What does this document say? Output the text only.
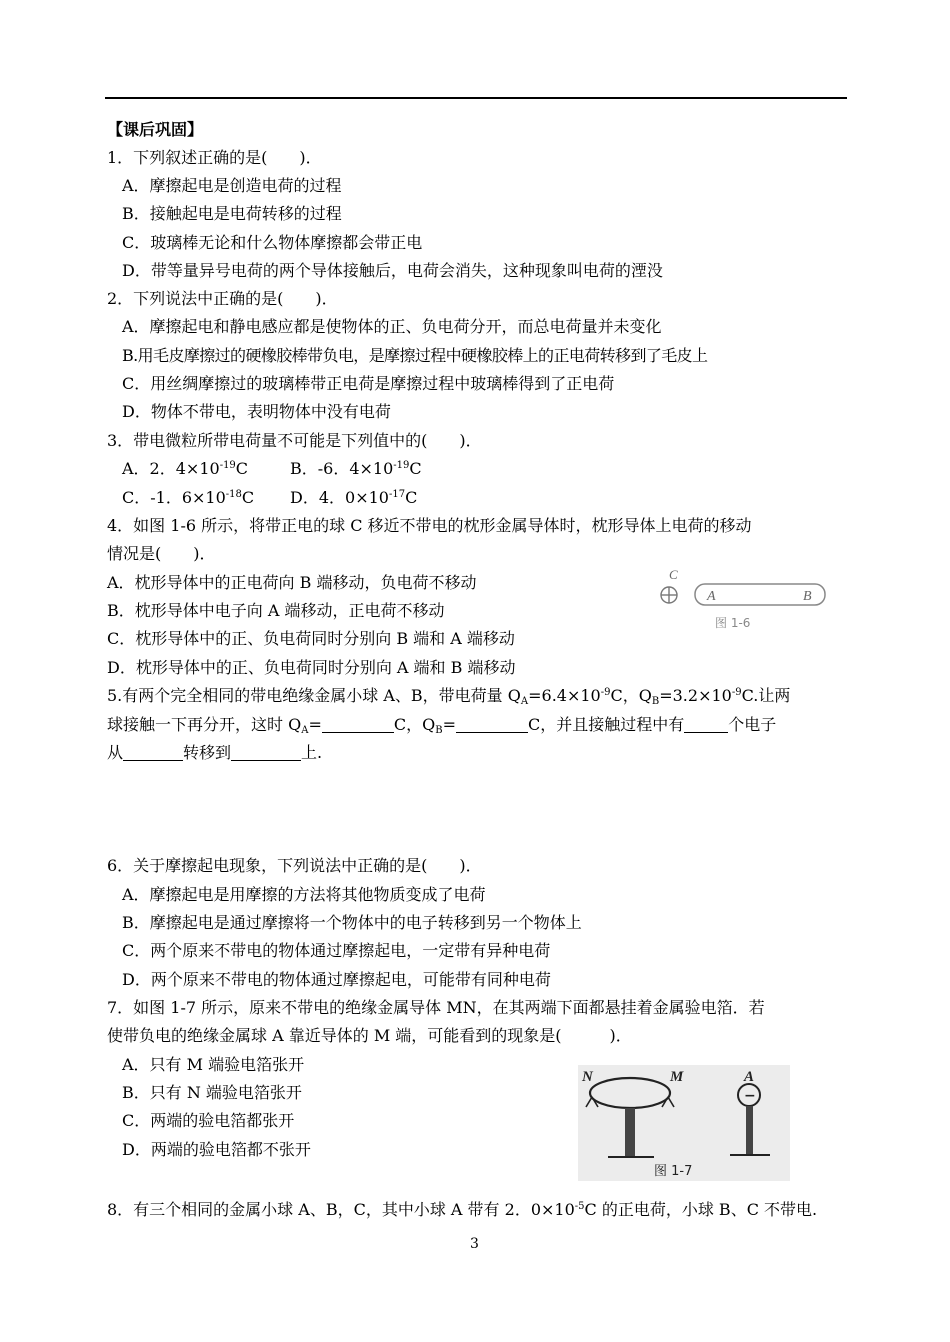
【课后巩固】
1．下列叙述正确的是(　　)．
A．摩擦起电是创造电荷的过程
B．接触起电是电荷转移的过程
C．玻璃棒无论和什么物体摩擦都会带正电
D．带等量异号电荷的两个导体接触后，电荷会消失，这种现象叫电荷的湮没
2．下列说法中正确的是(　　)．
A．摩擦起电和静电感应都是使物体的正、负电荷分开，而总电荷量并未变化
B.用毛皮摩擦过的硬橡胶棒带负电，是摩擦过程中硬橡胶棒上的正电荷转移到了毛皮上
C．用丝绸摩擦过的玻璃棒带正电荷是摩擦过程中玻璃棒得到了正电荷
D．物体不带电，表明物体中没有电荷
3．带电微粒所带电荷量不可能是下列值中的(　　)．
A．2．$4\times 10^{-19}C$	B．-6．$4\times 10^{-19}C$
C．-1．$6\times 10^{-18}C$ D．4．$0\times 10^{-17}C$
4．如图 1-6 所示，将带正电的球 C 移近不带电的枕形金属导体时，枕形导体上电荷的移动
情况是(　　)．
A．枕形导体中的正电荷向 B 端移动，负电荷不移动
B．枕形导体中电子向 A 端移动，正电荷不移动
C．枕形导体中的正、负电荷同时分别向 B 端和 A 端移动
D．枕形导体中的正、负电荷同时分别向 A 端和 B 端移动
C
A	B
图 1-6
5.有两个完全相同的带电绝缘金属小球 A、B，带电荷量 $Q_A=6.4\times 10^{-9}C$，$Q_B=3.2\times 10^{-9}C$.让两
球接触一下再分开，这时 $Q_A=$	C，$Q_B=$	C，并且接触过程中有	个电子
从	转移到	上.
6．关于摩擦起电现象，下列说法中正确的是(　　)．
A．摩擦起电是用摩擦的方法将其他物质变成了电荷
B．摩擦起电是通过摩擦将一个物体中的电子转移到另一个物体上
C．两个原来不带电的物体通过摩擦起电，一定带有异种电荷
D．两个原来不带电的物体通过摩擦起电，可能带有同种电荷
7．如图 1-7 所示，原来不带电的绝缘金属导体 MN，在其两端下面都悬挂着金属验电箔．若
使带负电的绝缘金属球 A 靠近导体的 M 端，可能看到的现象是(　　　)．
A．只有 M 端验电箔张开
B．只有 N 端验电箔张开
C．两端的验电箔都张开
D．两端的验电箔都不张开
N	M	A
−
图 1-7
8．有三个相同的金属小球 A、B，C，其中小球 A 带有 2．$0\times 10^{-5}C$ 的正电荷，小球 B、C 不带电.
3
